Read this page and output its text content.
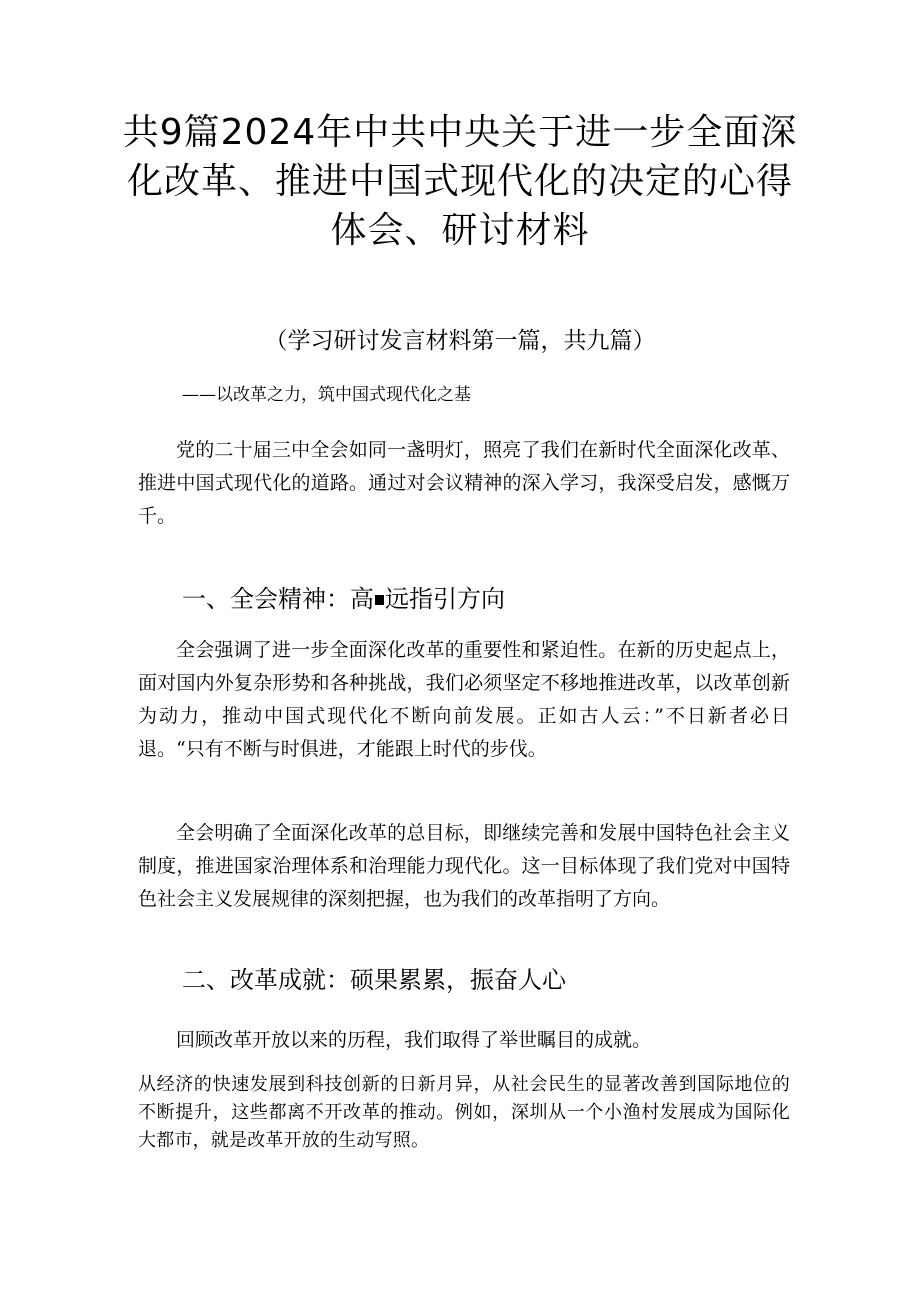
共9篇2024年中共中央关于进一步全面深化改革、推进中国式现代化的决定的心得体会、研讨材料

（学习研讨发言材料第一篇，共九篇）

——以改革之力，筑中国式现代化之基

党的二十届三中全会如同一盏明灯，照亮了我们在新时代全面深化改革、推进中国式现代化的道路。通过对会议精神的深入学习，我深受启发，感慨万千。

一、全会精神：高 远指引方向

全会强调了进一步全面深化改革的重要性和紧迫性。在新的历史起点上，面对国内外复杂形势和各种挑战，我们必须坚定不移地推进改革，以改革创新为动力，推动中国式现代化不断向前发展。正如古人云：”不日新者必日退。“只有不断与时俱进，才能跟上时代的步伐。

全会明确了全面深化改革的总目标，即继续完善和发展中国特色社会主义制度，推进国家治理体系和治理能力现代化。这一目标体现了我们党对中国特色社会主义发展规律的深刻把握，也为我们的改革指明了方向。

二、改革成就：硕果累累，振奋人心

回顾改革开放以来的历程，我们取得了举世瞩目的成就。

从经济的快速发展到科技创新的日新月异，从社会民生的显著改善到国际地位的不断提升，这些都离不开改革的推动。例如，深圳从一个小渔村发展成为国际化大都市，就是改革开放的生动写照。
